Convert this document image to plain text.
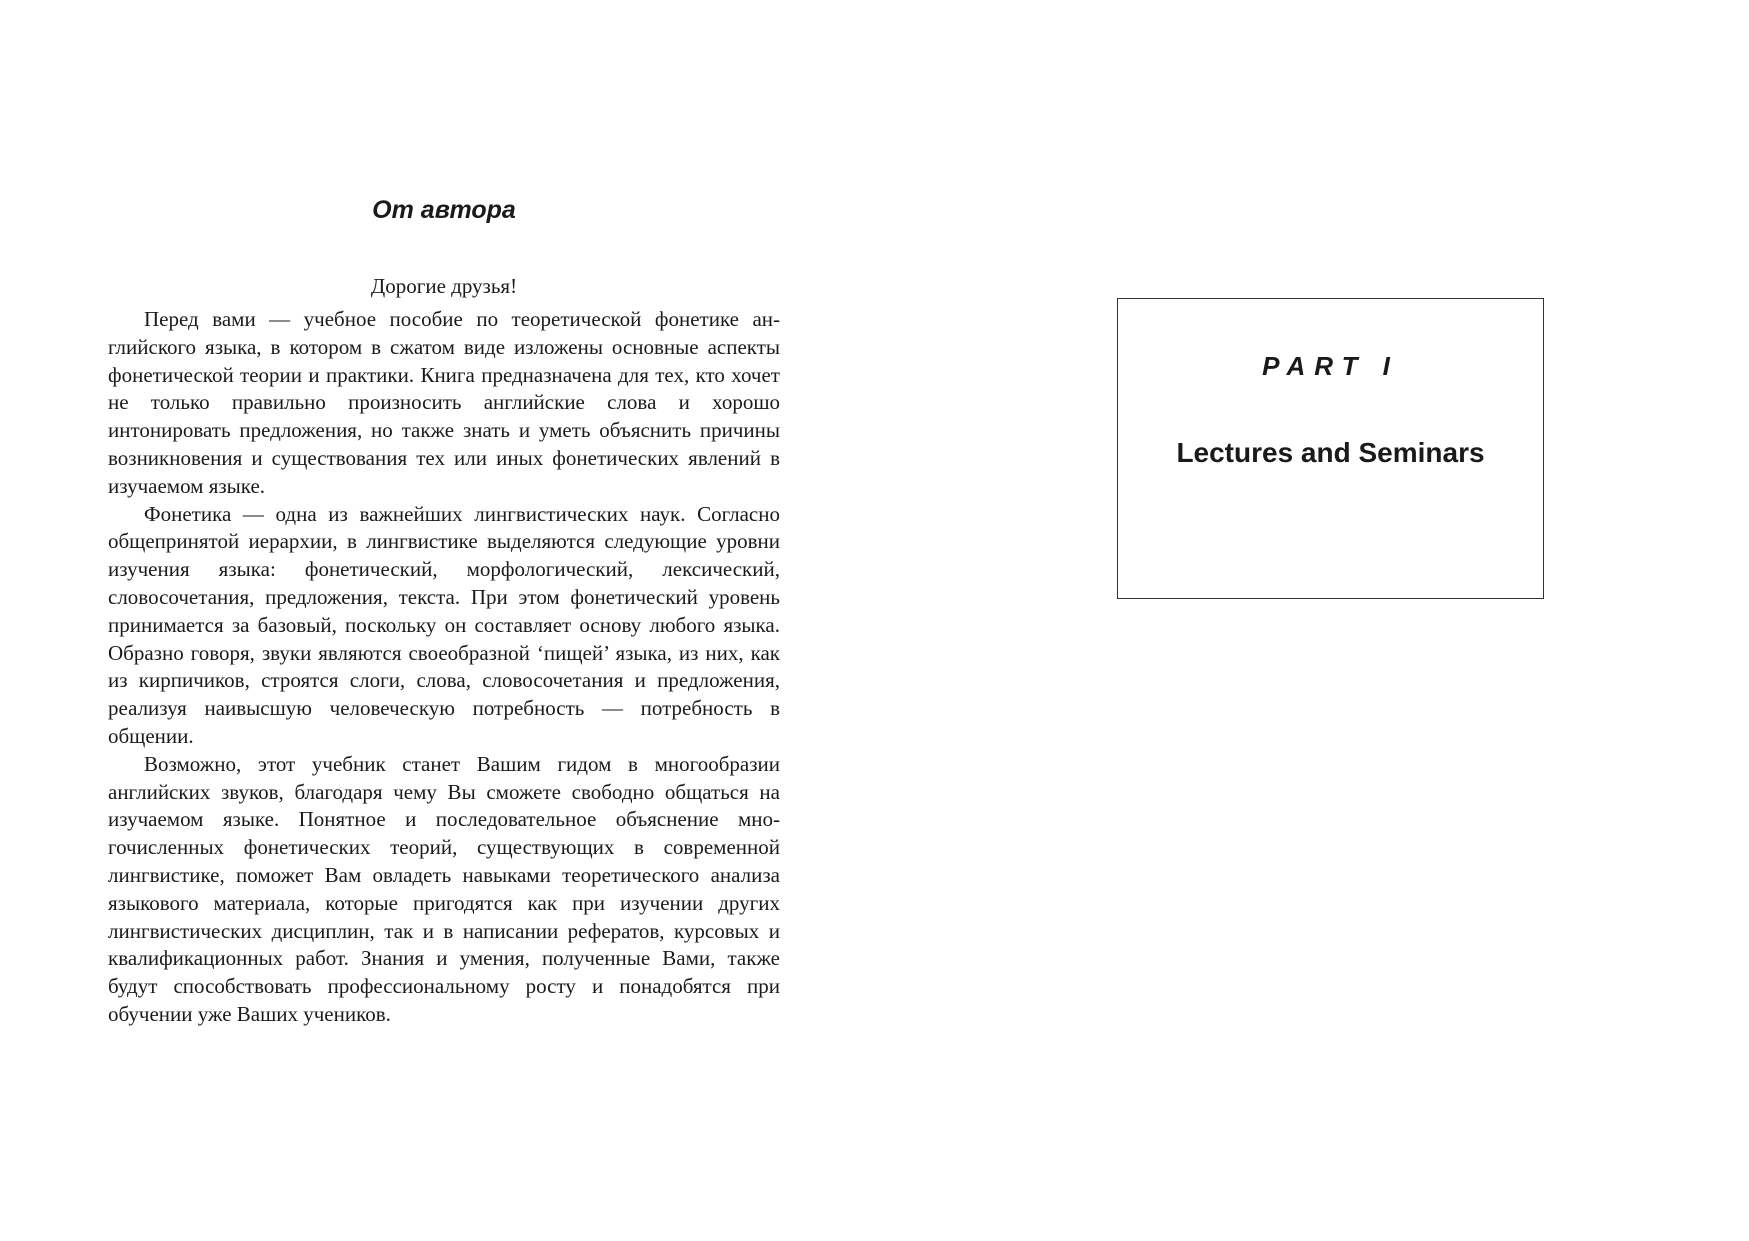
От автора
Дорогие друзья!

Перед вами — учебное пособие по теоретической фонетике английского языка, в котором в сжатом виде изложены основные аспекты фонетической теории и практики. Книга предназначена для тех, кто хочет не только правильно произносить английские слова и хорошо интонировать предложения, но также знать и уметь объяснить причины возникновения и существования тех или иных фонетических явлений в изучаемом языке.

Фонетика — одна из важнейших лингвистических наук. Согласно общепринятой иерархии, в лингвистике выделяются следующие уровни изучения языка: фонетический, морфологический, лексический, словосочетания, предложения, текста. При этом фонетический уровень принимается за базовый, поскольку он составляет основу любого языка. Образно говоря, звуки являются своеобразной ‘пищей’ языка, из них, как из кирпичиков, строятся слоги, слова, словосочетания и предложения, реализуя наивысшую человеческую потребность — потребность в общении.

Возможно, этот учебник станет Вашим гидом в многообразии английских звуков, благодаря чему Вы сможете свободно общаться на изучаемом языке. Понятное и последовательное объяснение многочисленных фонетических теорий, существующих в современной лингвистике, поможет Вам овладеть навыками теоретического анализа языкового материала, которые пригодятся как при изучении других лингвистических дисциплин, так и в написании рефератов, курсовых и квалификационных работ. Знания и умения, полученные Вами, также будут способствовать профессиональному росту и понадобятся при обучении уже Ваших учеников.

PART I
Lectures and Seminars
